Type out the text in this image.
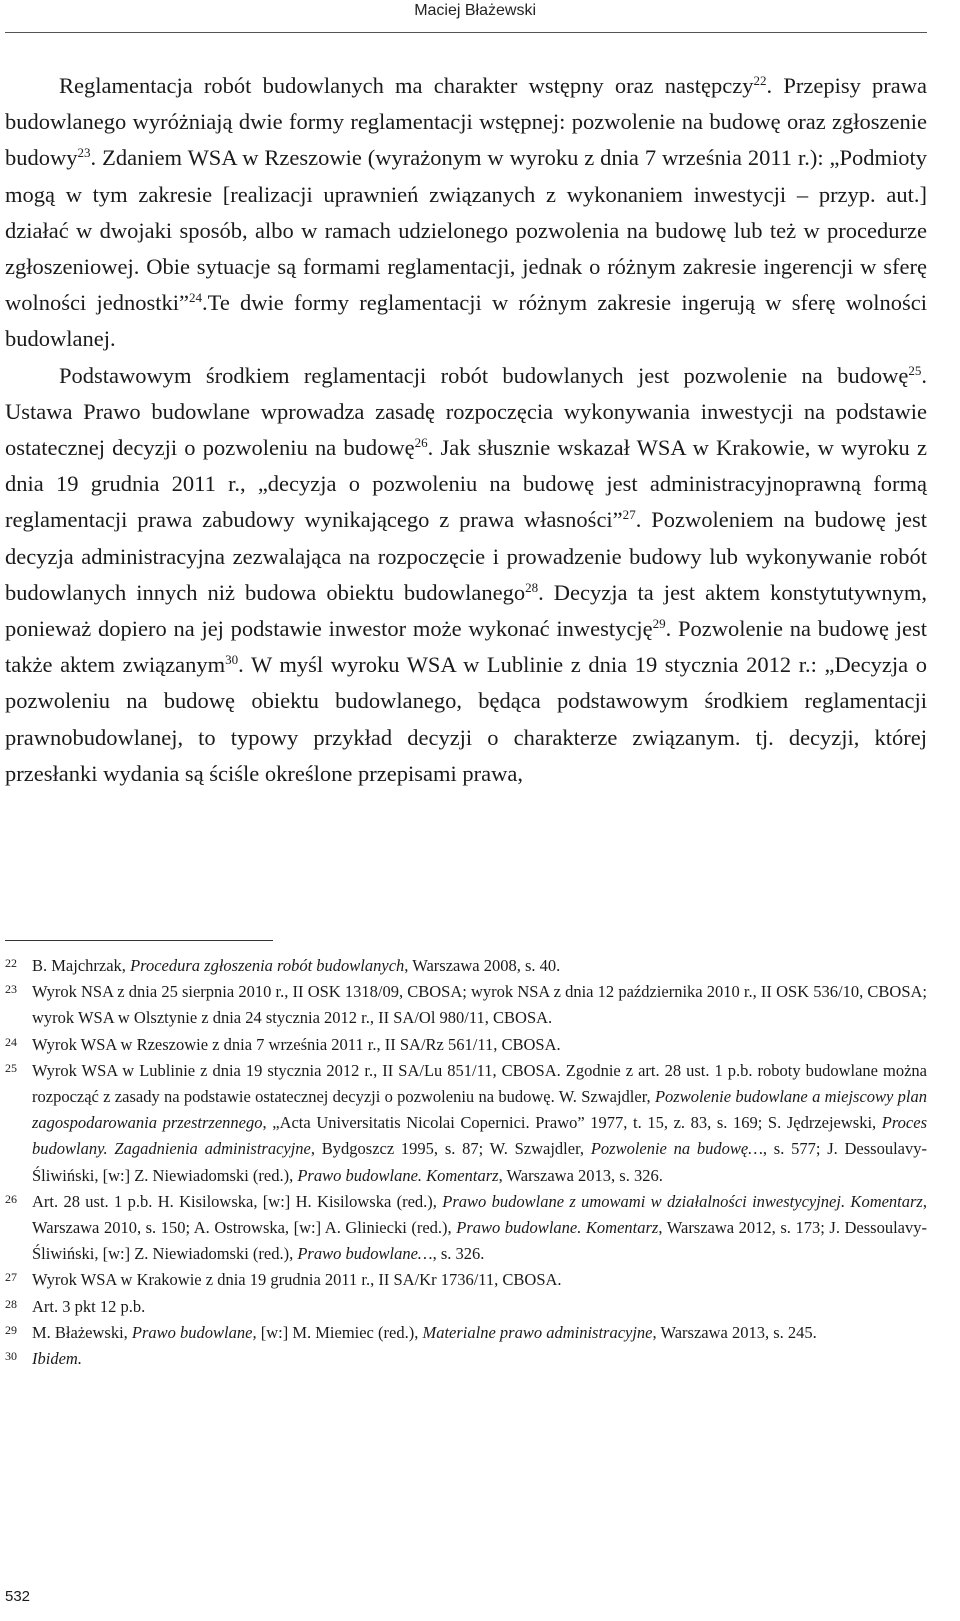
Maciej Błażewski

Reglamentacja robót budowlanych ma charakter wstępny oraz następczy$^{22}$. Przepisy prawa budowlanego wyróżniają dwie formy reglamentacji wstępnej: pozwolenie na budowę oraz zgłoszenie budowy$^{23}$. Zdaniem WSA w Rzeszowie (wyrażonym w wyroku z dnia 7 września 2011 r.): „Podmioty mogą w tym zakresie [realizacji uprawnień związanych z wykonaniem inwestycji – przyp. aut.] działać w dwojaki sposób, albo w ramach udzielonego pozwolenia na budowę lub też w procedurze zgłoszeniowej. Obie sytuacje są formami reglamentacji, jednak o różnym zakresie ingerencji w sferę wolności jednostki”$^{24}$.Te dwie formy reglamentacji w różnym zakresie ingerują w sferę wolności budowlanej.

Podstawowym środkiem reglamentacji robót budowlanych jest pozwolenie na budowę$^{25}$. Ustawa Prawo budowlane wprowadza zasadę rozpoczęcia wykonywania inwestycji na podstawie ostatecznej decyzji o pozwoleniu na budowę$^{26}$. Jak słusznie wskazał WSA w Krakowie, w wyroku z dnia 19 grudnia 2011 r., „decyzja o pozwoleniu na budowę jest administracyjnoprawną formą reglamentacji prawa zabudowy wynikającego z prawa własności”$^{27}$. Pozwoleniem na budowę jest decyzja administracyjna zezwalająca na rozpoczęcie i prowadzenie budowy lub wykonywanie robót budowlanych innych niż budowa obiektu budowlanego$^{28}$. Decyzja ta jest aktem konstytutywnym, ponieważ dopiero na jej podstawie inwestor może wykonać inwestycję$^{29}$. Pozwolenie na budowę jest także aktem związanym$^{30}$. W myśl wyroku WSA w Lublinie z dnia 19 stycznia 2012 r.: „Decyzja o pozwoleniu na budowę obiektu budowlanego, będąca podstawowym środkiem reglamentacji prawnobudowlanej, to typowy przykład decyzji o charakterze związanym. tj. decyzji, której przesłanki wydania są ściśle określone przepisami prawa,

22 B. Majchrzak, Procedura zgłoszenia robót budowlanych, Warszawa 2008, s. 40.
23 Wyrok NSA z dnia 25 sierpnia 2010 r., II OSK 1318/09, CBOSA; wyrok NSA z dnia 12 października 2010 r., II OSK 536/10, CBOSA; wyrok WSA w Olsztynie z dnia 24 stycznia 2012 r., II SA/Ol 980/11, CBOSA.
24 Wyrok WSA w Rzeszowie z dnia 7 września 2011 r., II SA/Rz 561/11, CBOSA.
25 Wyrok WSA w Lublinie z dnia 19 stycznia 2012 r., II SA/Lu 851/11, CBOSA. Zgodnie z art. 28 ust. 1 p.b. roboty budowlane można rozpocząć z zasady na podstawie ostatecznej decyzji o pozwoleniu na budowę. W. Szwajdler, Pozwolenie budowlane a miejscowy plan zagospodarowania przestrzennego, „Acta Universitatis Nicolai Copernici. Prawo” 1977, t. 15, z. 83, s. 169; S. Jędrzejewski, Proces budowlany. Zagadnienia administracyjne, Bydgoszcz 1995, s. 87; W. Szwajdler, Pozwolenie na budowę…, s. 577; J. Dessoulavy-Śliwiński, [w:] Z. Niewiadomski (red.), Prawo budowlane. Komentarz, Warszawa 2013, s. 326.
26 Art. 28 ust. 1 p.b. H. Kisilowska, [w:] H. Kisilowska (red.), Prawo budowlane z umowami w działalności inwestycyjnej. Komentarz, Warszawa 2010, s. 150; A. Ostrowska, [w:] A. Gliniecki (red.), Prawo budowlane. Komentarz, Warszawa 2012, s. 173; J. Dessoulavy-Śliwiński, [w:] Z. Niewiadomski (red.), Prawo budowlane…, s. 326.
27 Wyrok WSA w Krakowie z dnia 19 grudnia 2011 r., II SA/Kr 1736/11, CBOSA.
28 Art. 3 pkt 12 p.b.
29 M. Błażewski, Prawo budowlane, [w:] M. Miemiec (red.), Materialne prawo administracyjne, Warszawa 2013, s. 245.
30 Ibidem.
532
